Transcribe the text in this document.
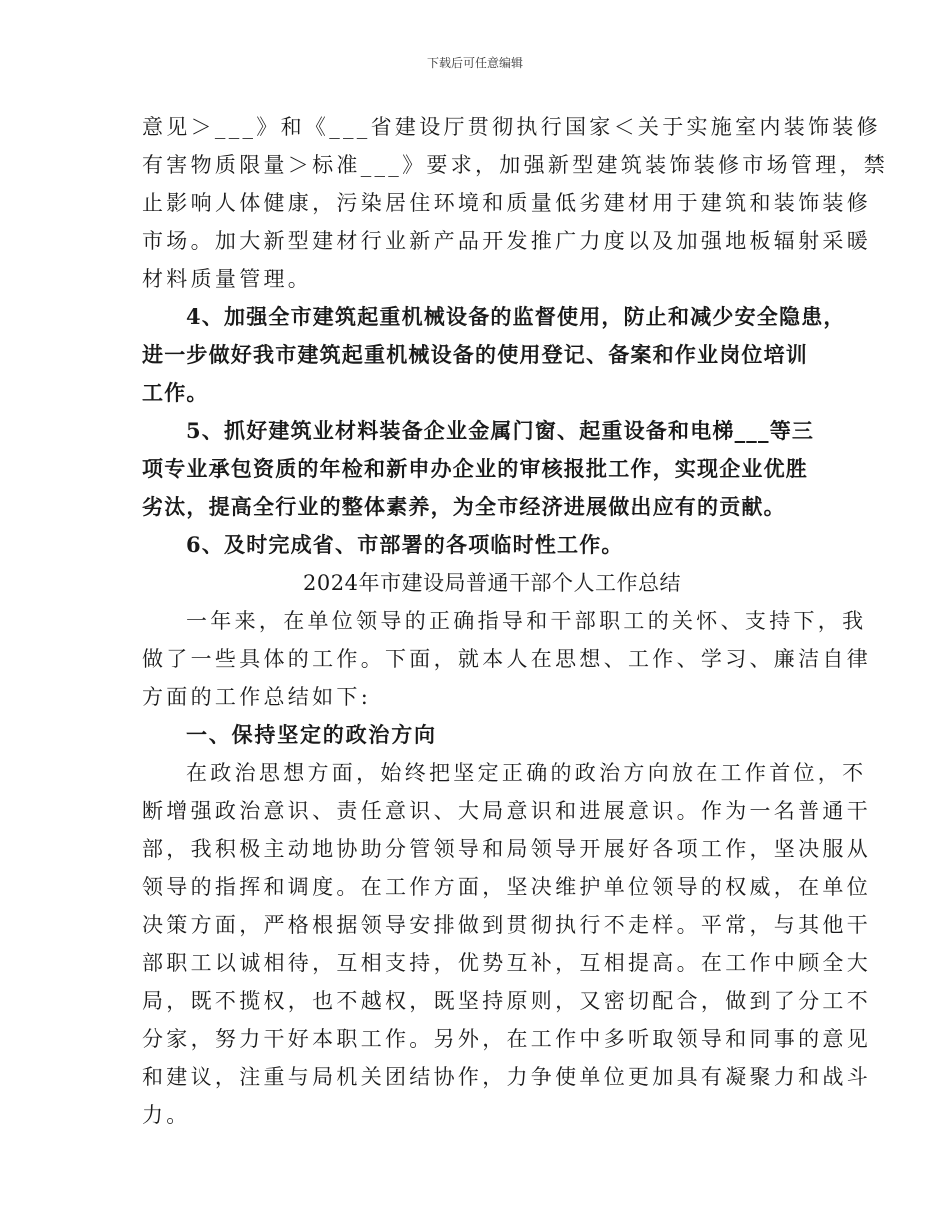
下载后可任意编辑
意见＞___》和《___省建设厅贯彻执行国家＜关于实施室内装饰装修
有害物质限量＞标准___》要求，加强新型建筑装饰装修市场管理，禁
止影响人体健康，污染居住环境和质量低劣建材用于建筑和装饰装修
市场。加大新型建材行业新产品开发推广力度以及加强地板辐射采暖
材料质量管理。
4、加强全市建筑起重机械设备的监督使用，防止和减少安全隐患，
进一步做好我市建筑起重机械设备的使用登记、备案和作业岗位培训
工作。
5、抓好建筑业材料装备企业金属门窗、起重设备和电梯___等三
项专业承包资质的年检和新申办企业的审核报批工作，实现企业优胜
劣汰，提高全行业的整体素养，为全市经济进展做出应有的贡献。
6、及时完成省、市部署的各项临时性工作。
2024年市建设局普通干部个人工作总结
一年来，在单位领导的正确指导和干部职工的关怀、支持下，我
做了一些具体的工作。下面，就本人在思想、工作、学习、廉洁自律
方面的工作总结如下:
一、保持坚定的政治方向
在政治思想方面，始终把坚定正确的政治方向放在工作首位，不
断增强政治意识、责任意识、大局意识和进展意识。作为一名普通干
部，我积极主动地协助分管领导和局领导开展好各项工作，坚决服从
领导的指挥和调度。在工作方面，坚决维护单位领导的权威，在单位
决策方面，严格根据领导安排做到贯彻执行不走样。平常，与其他干
部职工以诚相待，互相支持，优势互补，互相提高。在工作中顾全大
局，既不揽权，也不越权，既坚持原则，又密切配合，做到了分工不
分家，努力干好本职工作。另外，在工作中多听取领导和同事的意见
和建议，注重与局机关团结协作，力争使单位更加具有凝聚力和战斗
力。
